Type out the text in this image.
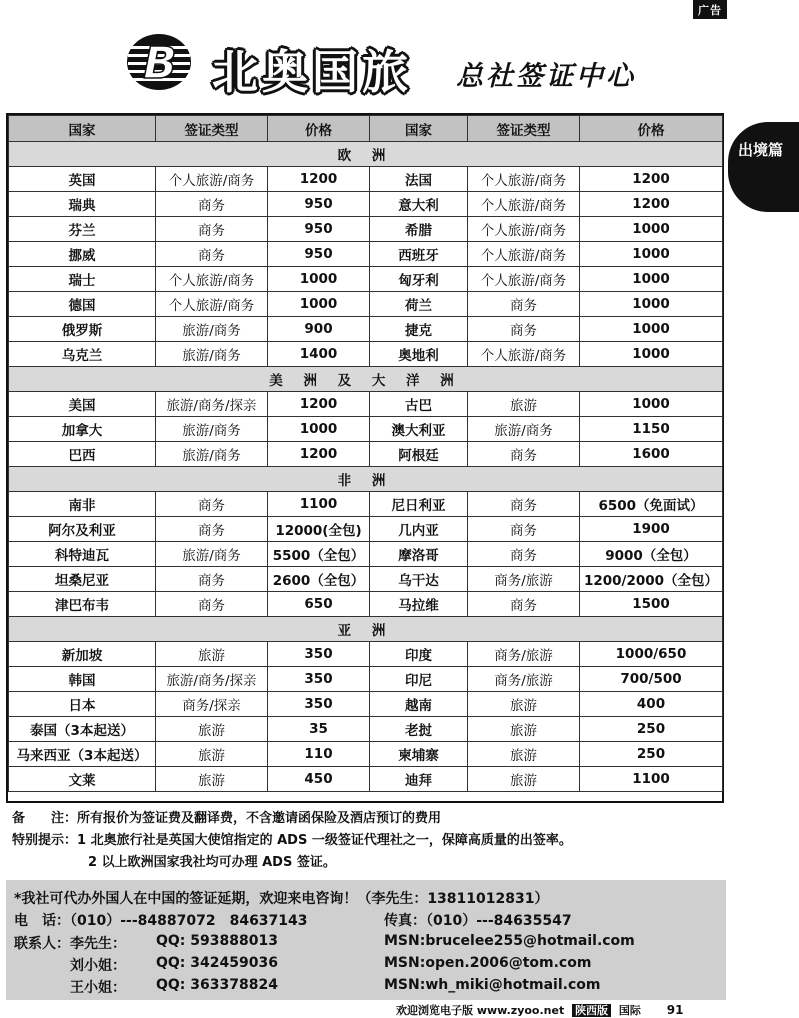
广告
B 北奥国旅 总社签证中心
出境篇
国家	签证类型	价格	国家	签证类型	价格
欧 洲					
英国	个人旅游/商务	1200	法国	个人旅游/商务	1200
瑞典	商务	950	意大利	个人旅游/商务	1200
芬兰	商务	950	希腊	个人旅游/商务	1000
挪威	商务	950	西班牙	个人旅游/商务	1000
瑞士	个人旅游/商务	1000	匈牙利	个人旅游/商务	1000
德国	个人旅游/商务	1000	荷兰	商务	1000
俄罗斯	旅游/商务	900	捷克	商务	1000
乌克兰	旅游/商务	1400	奥地利	个人旅游/商务	1000
美 洲 及 大 洋 洲					
美国	旅游/商务/探亲	1200	古巴	旅游	1000
加拿大	旅游/商务	1000	澳大利亚	旅游/商务	1150
巴西	旅游/商务	1200	阿根廷	商务	1600
非 洲					
南非	商务	1100	尼日利亚	商务	6500（免面试）
阿尔及利亚	商务	12000(全包)	几内亚	商务	1900
科特迪瓦	旅游/商务	5500（全包）	摩洛哥	商务	9000（全包）
坦桑尼亚	商务	2600（全包）	乌干达	商务/旅游	1200/2000（全包）
津巴布韦	商务	650	马拉维	商务	1500
亚 洲					
新加坡	旅游	350	印度	商务/旅游	1000/650
韩国	旅游/商务/探亲	350	印尼	商务/旅游	700/500
日本	商务/探亲	350	越南	旅游	400
泰国（3本起送）	旅游	35	老挝	旅游	250
马来西亚（3本起送）	旅游	110	柬埔寨	旅游	250
文莱	旅游	450	迪拜	旅游	1100
备　　注：所有报价为签证费及翻译费，不含邀请函保险及酒店预订的费用
特别提示：1 北奥旅行社是英国大使馆指定的 ADS 一级签证代理社之一，保障高质量的出签率。
2 以上欧洲国家我社均可办理 ADS 签证。
*我社可代办外国人在中国的签证延期，欢迎来电咨询！（李先生：13811012831）
电　话：（010）---84887072　84637143	传真：（010）---84635547
联系人： 李先生： QQ: 593888013	MSN:brucelee255@hotmail.com
刘小姐： QQ: 342459036	MSN:open.2006@tom.com
王小姐： QQ: 363378824	MSN:wh_miki@hotmail.com
欢迎浏览电子版 www.zyoo.net 陕西版 国际 91
